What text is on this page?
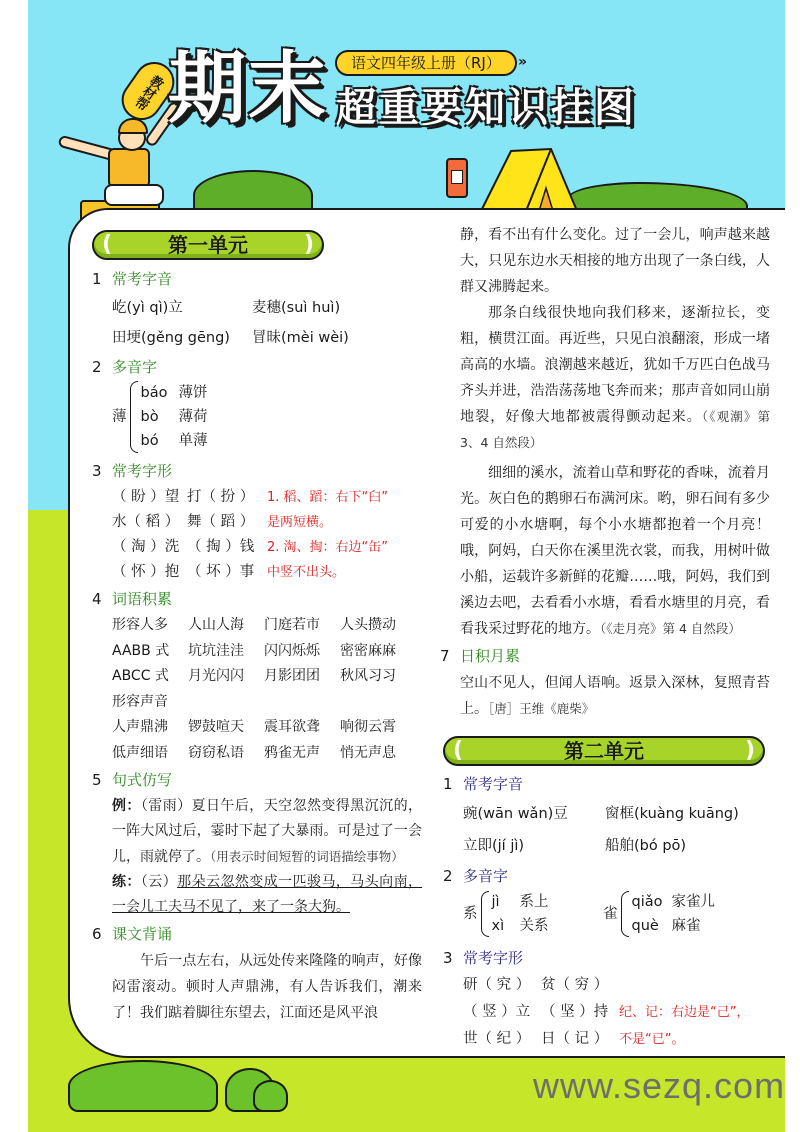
教材帮 期末	语文四年级上册（RJ）	»
超重要知识挂图
www.sezq.com
(	第一单元	)
1 常考字音
屹(yì qì)立	麦穗(suì huì)
田埂(gěng gēng) 冒昧(mèi wèi)
2 多音字
薄
báo 薄饼
bò 薄荷
bó 单薄
3 常考字形
（ 盼 ）望 打（ 扮 ） 1. 稻、蹈：右下“臼”
水（ 稻 ） 舞（ 蹈 ） 是两短横。
（ 淘 ）洗 （ 掏 ）钱 2. 淘、掏：右边“缶”
（ 怀 ）抱 （ 坏 ）事 中竖不出头。
4 词语积累
形容人多 人山人海 门庭若市 人头攒动
AABB 式 坑坑洼洼 闪闪烁烁 密密麻麻
ABCC 式 月光闪闪 月影团团 秋风习习
形容声音
人声鼎沸 锣鼓喧天 震耳欲聋 响彻云霄
低声细语 窃窃私语 鸦雀无声 悄无声息
5 句式仿写
例：（雷雨）夏日午后，天空忽然变得黑沉沉的，一阵大风过后，霎时下起了大暴雨。可是过了一会儿，雨就停了。（用表示时间短暂的词语描绘事物）
练：（云）那朵云忽然变成一匹骏马，马头向南，一会儿工夫马不见了，来了一条大狗。
6 课文背诵
午后一点左右，从远处传来隆隆的响声，好像闷雷滚动。顿时人声鼎沸，有人告诉我们，潮来了！我们踮着脚往东望去，江面还是风平浪
静，看不出有什么变化。过了一会儿，响声越来越大，只见东边水天相接的地方出现了一条白线，人群又沸腾起来。
那条白线很快地向我们移来，逐渐拉长，变粗，横贯江面。再近些，只见白浪翻滚，形成一堵高高的水墙。浪潮越来越近，犹如千万匹白色战马齐头并进，浩浩荡荡地飞奔而来；那声音如同山崩地裂，好像大地都被震得颤动起来。（《观潮》第 3、4 自然段）
细细的溪水，流着山草和野花的香味，流着月光。灰白色的鹅卵石布满河床。哟，卵石间有多少可爱的小水塘啊，每个小水塘都抱着一个月亮！哦，阿妈，白天你在溪里洗衣裳，而我，用树叶做小船，运载许多新鲜的花瓣……哦，阿妈，我们到溪边去吧，去看看小水塘，看看水塘里的月亮，看看我采过野花的地方。（《走月亮》第 4 自然段）
7 日积月累
空山不见人，但闻人语响。返景入深林，复照青苔上。［唐］王维《鹿柴》
(	第二单元	)
1 常考字音
豌(wān wǎn)豆	窗框(kuàng kuāng)
立即(jí jì)	船舶(bó pō)
2 多音字
系
jì 系上
xì 关系
雀
qiǎo 家雀儿
què 麻雀
3 常考字形
研（ 究 ） 贫（ 穷 ）
（ 竖 ）立 （ 坚 ）持 纪、记：右边是“己”，
世（ 纪 ） 日（ 记 ） 不是“已”。
